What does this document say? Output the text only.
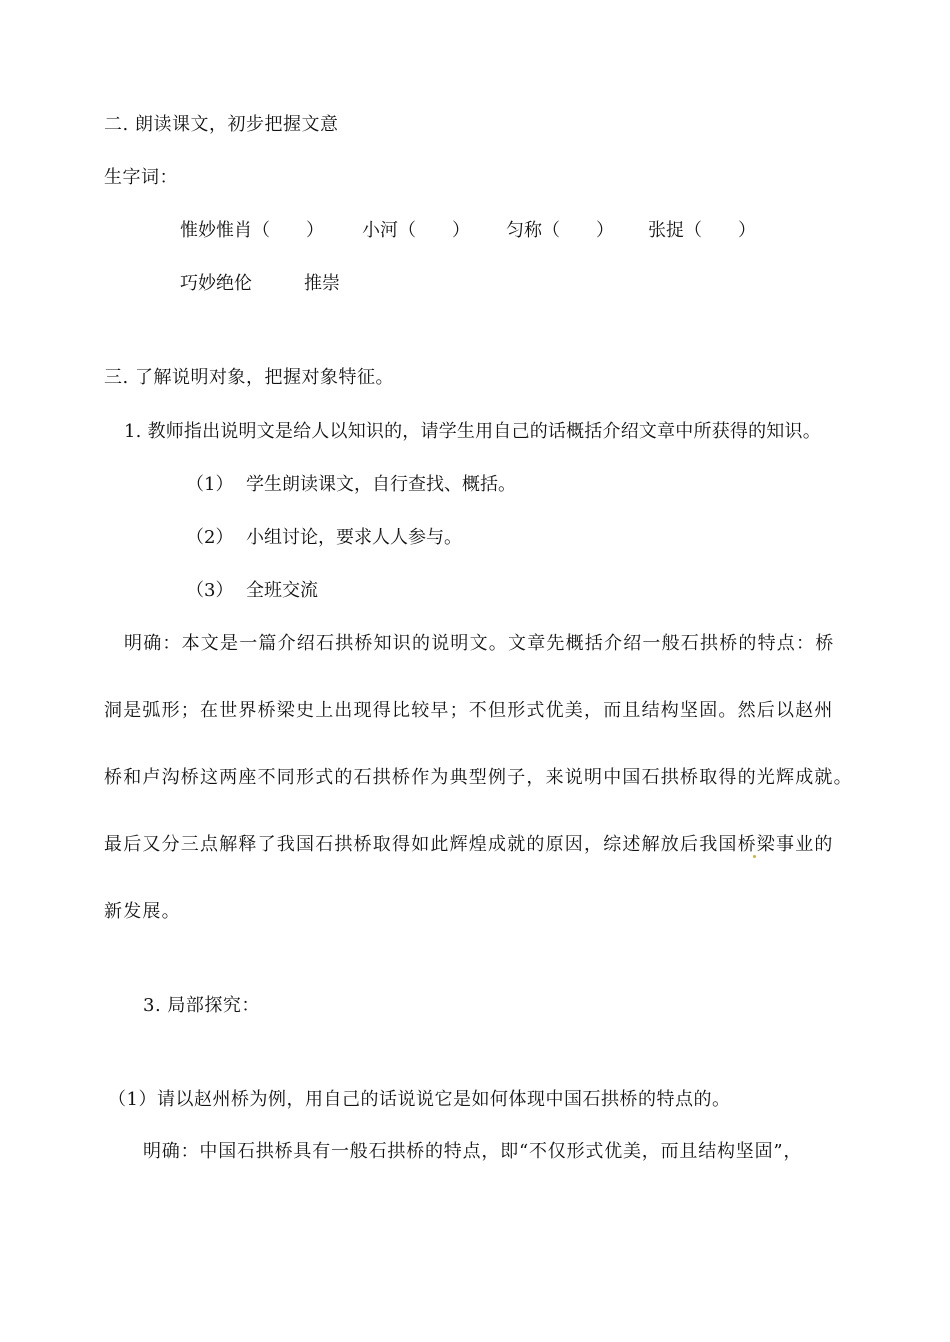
二. 朗读课文，初步把握文意
生字词：
惟妙惟肖（　　） 小河（　　） 匀称（　　） 张捉（　　）
巧妙绝伦	推崇
三. 了解说明对象，把握对象特征。
1. 教师指出说明文是给人以知识的，请学生用自己的话概括介绍文章中所获得的知识。
（1） 学生朗读课文，自行查找、概括。
（2） 小组讨论，要求人人参与。
（3） 全班交流
明确：本文是一篇介绍石拱桥知识的说明文。文章先概括介绍一般石拱桥的特点：桥
洞是弧形；在世界桥梁史上出现得比较早；不但形式优美，而且结构坚固。然后以赵州
桥和卢沟桥这两座不同形式的石拱桥作为典型例子，来说明中国石拱桥取得的光辉成就。
最后又分三点解释了我国石拱桥取得如此辉煌成就的原因，综述解放后我国桥梁事业的
新发展。
3. 局部探究：
（1）请以赵州桥为例，用自己的话说说它是如何体现中国石拱桥的特点的。
明确：中国石拱桥具有一般石拱桥的特点，即“不仅形式优美，而且结构坚固”，
